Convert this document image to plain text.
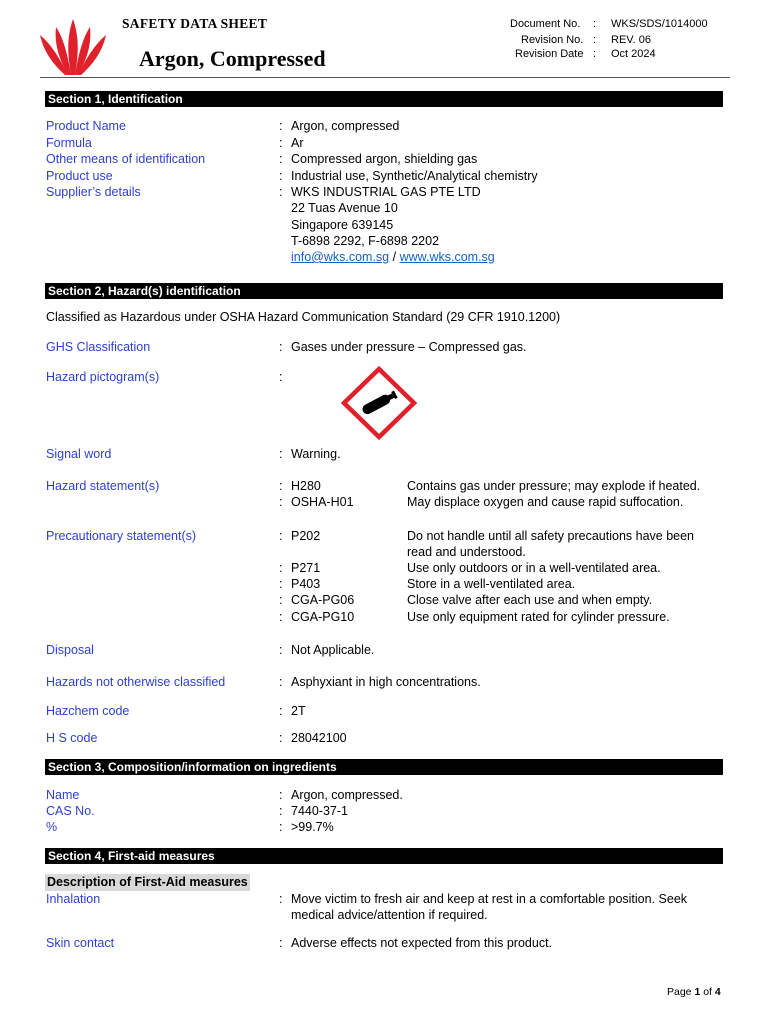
SAFETY DATA SHEET
Argon, Compressed
Document No. : WKS/SDS/1014000
Revision No. : REV. 06
Revision Date : Oct 2024
Section 1, Identification
Product Name	: Argon, compressed
Formula	: Ar
Other means of identification	: Compressed argon, shielding gas
Product use	: Industrial use, Synthetic/Analytical chemistry
Supplier’s details	: WKS INDUSTRIAL GAS PTE LTD
22 Tuas Avenue 10
Singapore 639145
T-6898 2292, F-6898 2202
info@wks.com.sg / www.wks.com.sg
Section 2, Hazard(s) identification
Classified as Hazardous under OSHA Hazard Communication Standard (29 CFR 1910.1200)
GHS Classification	: Gases under pressure – Compressed gas.
Hazard pictogram(s)	:
Signal word	: Warning.
Hazard statement(s)	: H280	Contains gas under pressure; may explode if heated.
: OSHA-H01	May displace oxygen and cause rapid suffocation.
Precautionary statement(s)	: P202	Do not handle until all safety precautions have been
read and understood.
: P271	Use only outdoors or in a well-ventilated area.
: P403	Store in a well-ventilated area.
: CGA-PG06	Close valve after each use and when empty.
: CGA-PG10	Use only equipment rated for cylinder pressure.
Disposal	: Not Applicable.
Hazards not otherwise classified	: Asphyxiant in high concentrations.
Hazchem code	: 2T
H S code	: 28042100
Section 3, Composition/information on ingredients
Name	: Argon, compressed.
CAS No.	: 7440-37-1
%	: >99.7%
Section 4, First-aid measures
Description of First-Aid measures
Inhalation	: Move victim to fresh air and keep at rest in a comfortable position. Seek
medical advice/attention if required.
Skin contact	: Adverse effects not expected from this product.
Page 1 of 4
